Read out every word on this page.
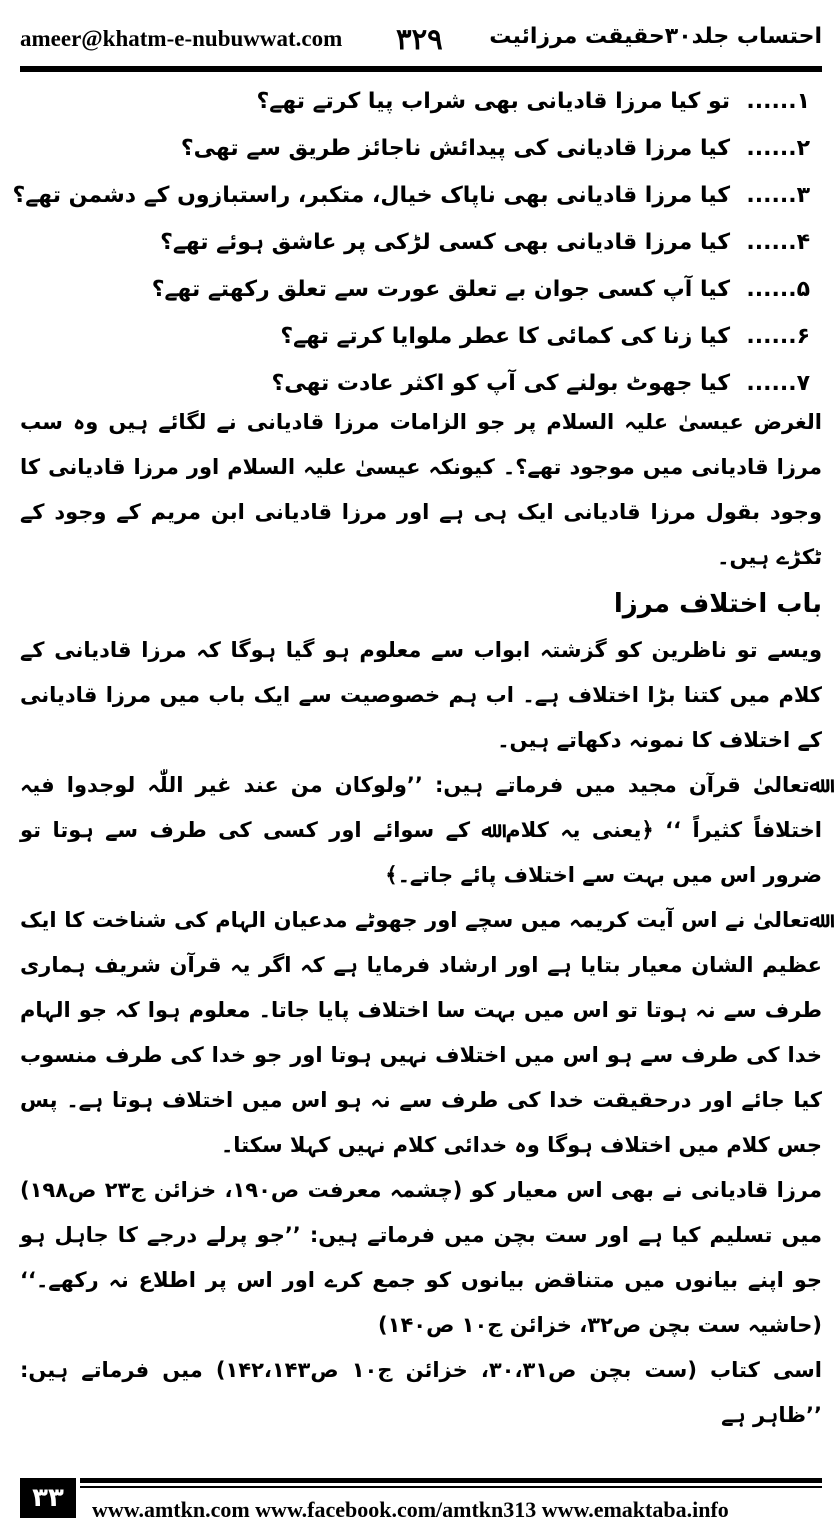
ameer@khatm-e-nubuwwat.com ۳۲۹ احتساب جلد۳۰حقیقت مرزائیت
۱......
تو کیا مرزا قادیانی بھی شراب پیا کرتے تھے؟
۲......
کیا مرزا قادیانی کی پیدائش ناجائز طریق سے تھی؟
۳......
کیا مرزا قادیانی بھی ناپاک خیال، متکبر، راستبازوں کے دشمن تھے؟
۴......
کیا مرزا قادیانی بھی کسی لڑکی پر عاشق ہوئے تھے؟
۵......
کیا آپ کسی جوان بے تعلق عورت سے تعلق رکھتے تھے؟
۶......
کیا زنا کی کمائی کا عطر ملوایا کرتے تھے؟
۷......
کیا جھوٹ بولنے کی آپ کو اکثر عادت تھی؟

الغرض عیسیٰ علیہ السلام پر جو الزامات مرزا قادیانی نے لگائے ہیں وہ سب مرزا قادیانی میں موجود تھے؟۔ کیونکہ عیسیٰ علیہ السلام اور مرزا قادیانی کا وجود بقول مرزا قادیانی ایک ہی ہے اور مرزا قادیانی ابن مریم کے وجود کے ٹکڑے ہیں۔

باب اختلاف مرزا

ویسے تو ناظرین کو گزشتہ ابواب سے معلوم ہو گیا ہوگا کہ مرزا قادیانی کے کلام میں کتنا بڑا اختلاف ہے۔ اب ہم خصوصیت سے ایک باب میں مرزا قادیانی کے اختلاف کا نمونہ دکھاتے ہیں۔

ﷲتعالیٰ قرآن مجید میں فرماتے ہیں: ’’ولوکان من عند غیر اللّٰہ لوجدوا فیہ اختلافاً کثیراً ‘‘ ﴿یعنی یہ کلام ﷲ کے سوائے اور کسی کی طرف سے ہوتا تو ضرور اس میں بہت سے اختلاف پائے جاتے۔﴾

ﷲتعالیٰ نے اس آیت کریمہ میں سچے اور جھوٹے مدعیان الہام کی شناخت کا ایک عظیم الشان معیار بتایا ہے اور ارشاد فرمایا ہے کہ اگر یہ قرآن شریف ہماری طرف سے نہ ہوتا تو اس میں بہت سا اختلاف پایا جاتا۔ معلوم ہوا کہ جو الہام خدا کی طرف سے ہو اس میں اختلاف نہیں ہوتا اور جو خدا کی طرف منسوب کیا جائے اور درحقیقت خدا کی طرف سے نہ ہو اس میں اختلاف ہوتا ہے۔ پس جس کلام میں اختلاف ہوگا وہ خدائی کلام نہیں کہلا سکتا۔

مرزا قادیانی نے بھی اس معیار کو (چشمہ معرفت ص۱۹۰، خزائن ج۲۳ ص۱۹۸) میں تسلیم کیا ہے اور ست بچن میں فرماتے ہیں: ’’جو پرلے درجے کا جاہل ہو جو اپنے بیانوں میں متناقض بیانوں کو جمع کرے اور اس پر اطلاع نہ رکھے۔‘‘ (حاشیہ ست بچن ص۳۲، خزائن ج۱۰ ص۱۴۰)

اسی کتاب (ست بچن ص۳۰،۳۱، خزائن ج۱۰ ص۱۴۲،۱۴۳) میں فرماتے ہیں: ’’ظاہر ہے

۳۳	www.amtkn.com www.facebook.com/amtkn313 www.emaktaba.info
